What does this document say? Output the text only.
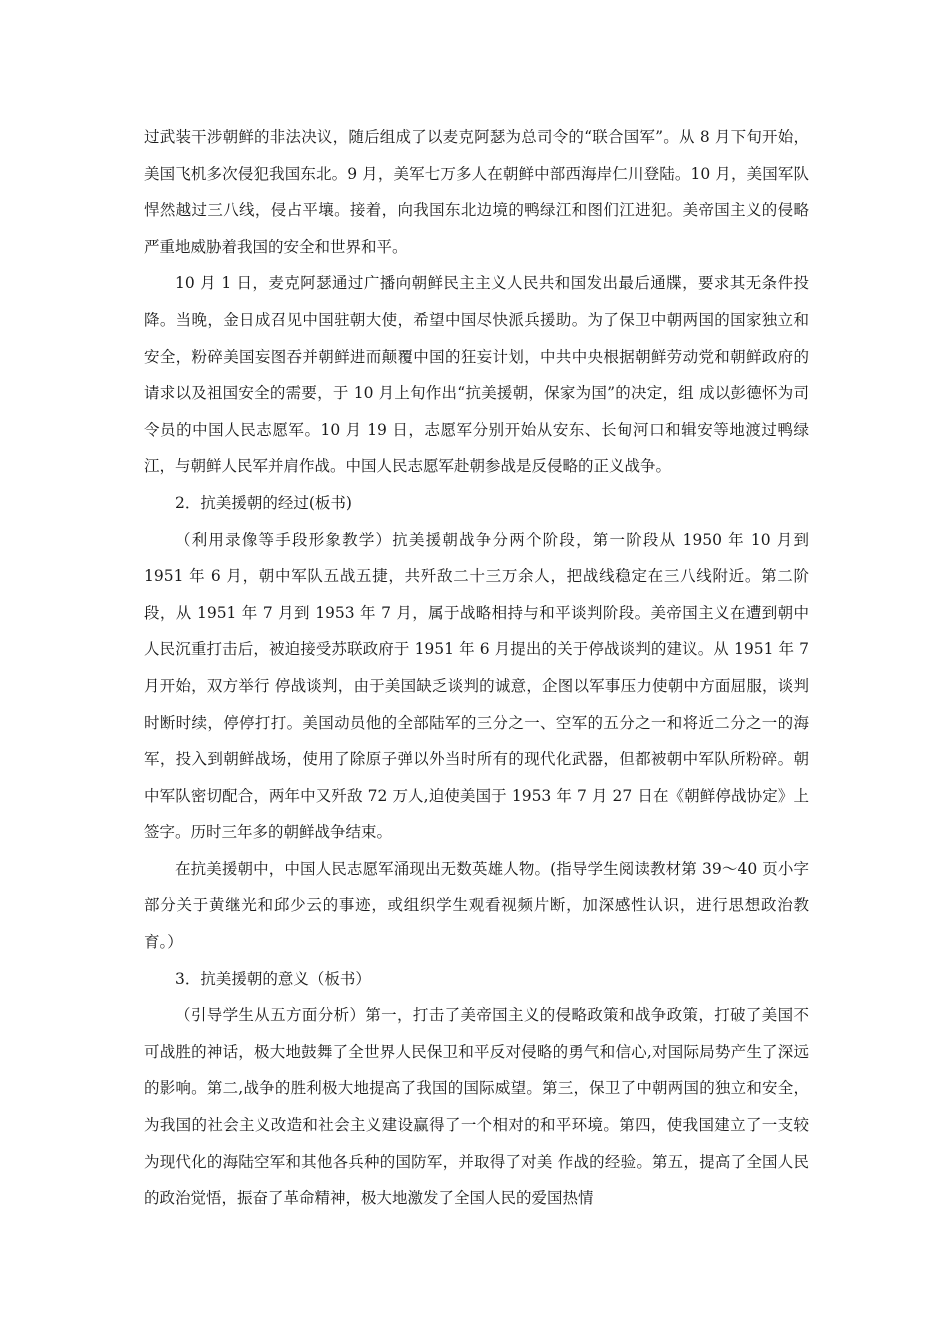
过武装干涉朝鲜的非法决议，随后组成了以麦克阿瑟为总司令的“联合国军”。从 8 月下旬开始，美国飞机多次侵犯我国东北。9 月，美军七万多人在朝鲜中部西海岸仁川登陆。10 月，美国军队悍然越过三八线，侵占平壤。接着，向我国东北边境的鸭绿江和图们江进犯。美帝国主义的侵略严重地威胁着我国的安全和世界和平。

10 月 1 日，麦克阿瑟通过广播向朝鲜民主主义人民共和国发出最后通牒，要求其无条件投降。当晚，金日成召见中国驻朝大使，希望中国尽快派兵援助。为了保卫中朝两国的国家独立和安全，粉碎美国妄图吞并朝鲜进而颠覆中国的狂妄计划，中共中央根据朝鲜劳动党和朝鲜政府的请求以及祖国安全的需要，于 10 月上旬作出“抗美援朝，保家为国”的决定，组 成以彭德怀为司令员的中国人民志愿军。10 月 19 日，志愿军分别开始从安东、长甸河口和辑安等地渡过鸭绿江，与朝鲜人民军并肩作战。中国人民志愿军赴朝参战是反侵略的正义战争。

2．抗美援朝的经过(板书)

（利用录像等手段形象教学）抗美援朝战争分两个阶段，第一阶段从 1950 年 10 月到 1951 年 6 月，朝中军队五战五捷，共歼敌二十三万余人，把战线稳定在三八线附近。第二阶段，从 1951 年 7 月到 1953 年 7 月，属于战略相持与和平谈判阶段。美帝国主义在遭到朝中人民沉重打击后，被迫接受苏联政府于 1951 年 6 月提出的关于停战谈判的建议。从 1951 年 7 月开始，双方举行 停战谈判，由于美国缺乏谈判的诚意，企图以军事压力使朝中方面屈服，谈判时断时续，停停打打。美国动员他的全部陆军的三分之一、空军的五分之一和将近二分之一的海军，投入到朝鲜战场，使用了除原子弹以外当时所有的现代化武器，但都被朝中军队所粉碎。朝中军队密切配合，两年中又歼敌 72 万人,迫使美国于 1953 年 7 月 27 日在《朝鲜停战协定》上签字。历时三年多的朝鲜战争结束。

在抗美援朝中，中国人民志愿军涌现出无数英雄人物。(指导学生阅读教材第 39～40 页小字部分关于黄继光和邱少云的事迹，或组织学生观看视频片断，加深感性认识，进行思想政治教育。）

3．抗美援朝的意义（板书）

（引导学生从五方面分析）第一，打击了美帝国主义的侵略政策和战争政策，打破了美国不可战胜的神话，极大地鼓舞了全世界人民保卫和平反对侵略的勇气和信心,对国际局势产生了深远的影响。第二,战争的胜利极大地提高了我国的国际威望。第三，保卫了中朝两国的独立和安全，为我国的社会主义改造和社会主义建设赢得了一个相对的和平环境。第四，使我国建立了一支较为现代化的海陆空军和其他各兵种的国防军，并取得了对美 作战的经验。第五，提高了全国人民的政治觉悟，振奋了革命精神，极大地激发了全国人民的爱国热情
